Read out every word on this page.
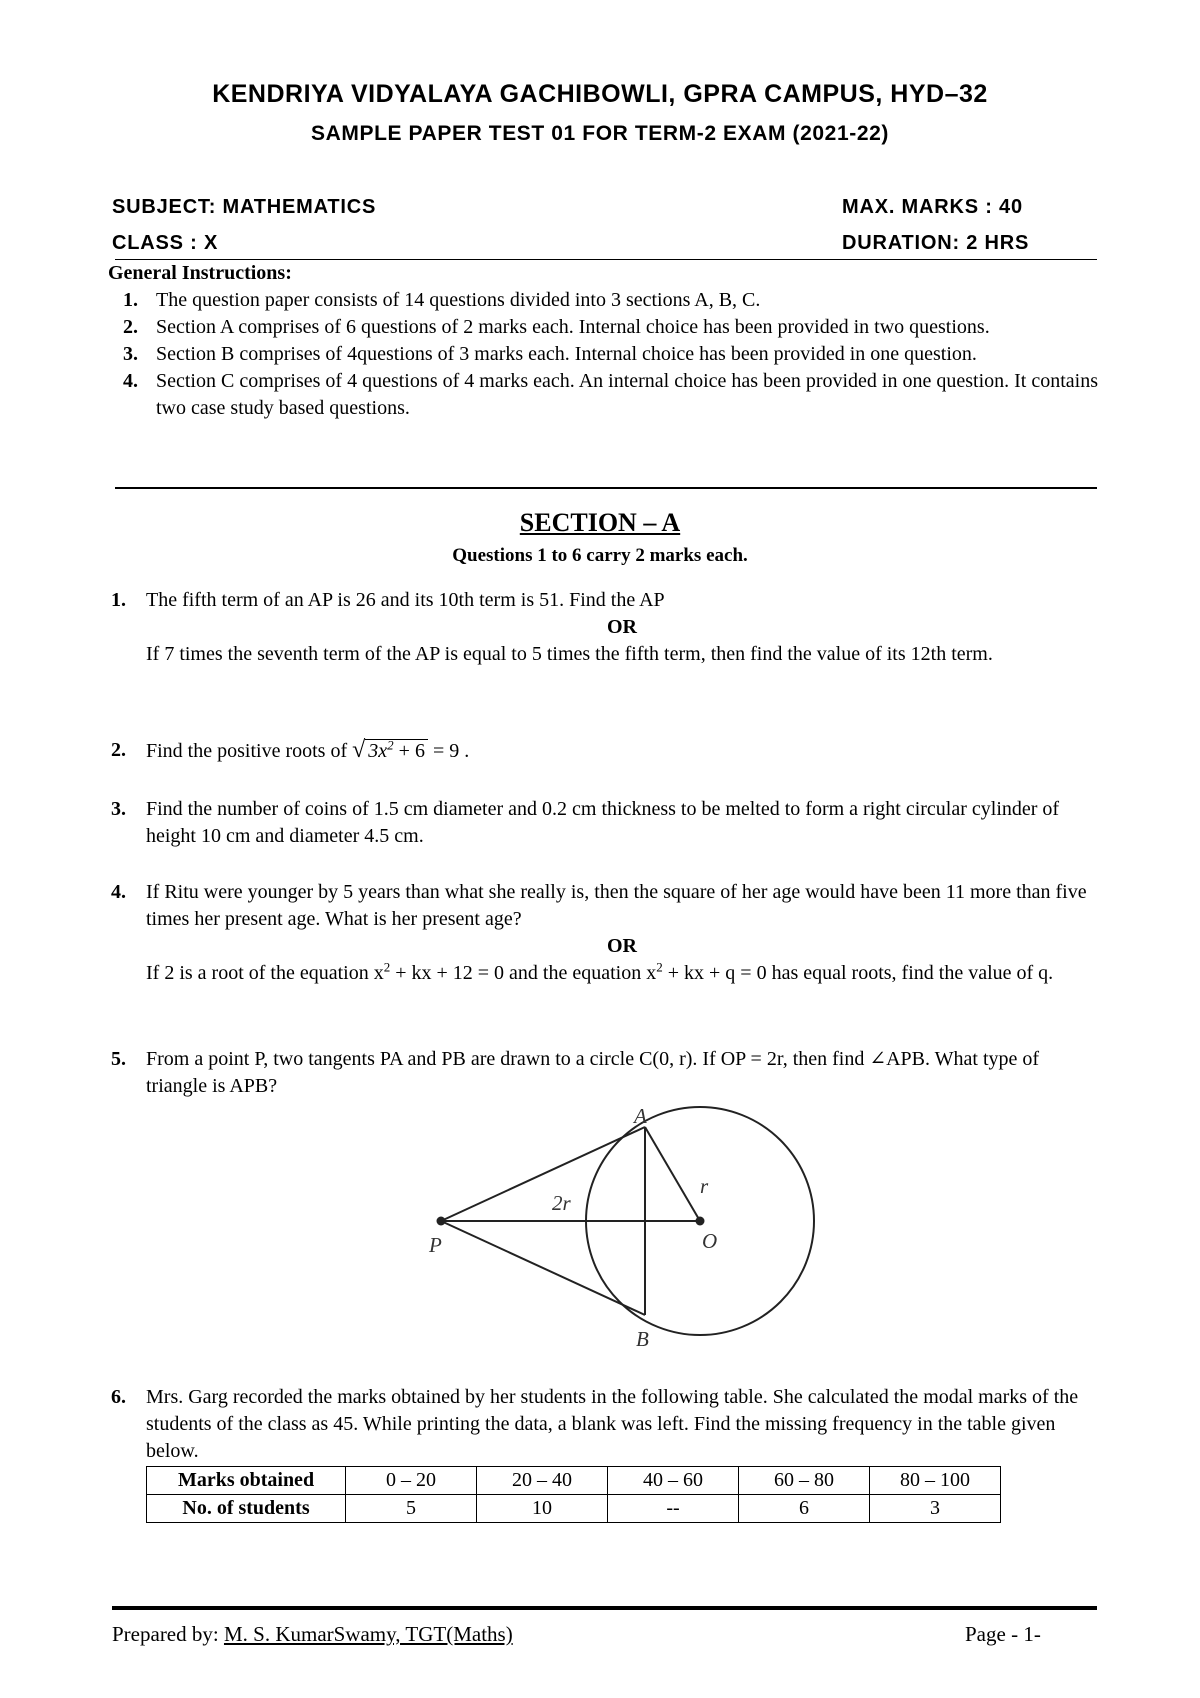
KENDRIYA VIDYALAYA GACHIBOWLI, GPRA CAMPUS, HYD–32
SAMPLE PAPER TEST 01 FOR TERM-2 EXAM (2021-22)
SUBJECT: MATHEMATICS	MAX. MARKS : 40
CLASS : X	DURATION: 2 HRS
General Instructions:
1. The question paper consists of 14 questions divided into 3 sections A, B, C.
2. Section A comprises of 6 questions of 2 marks each. Internal choice has been provided in two questions.
3. Section B comprises of 4questions of 3 marks each. Internal choice has been provided in one question.
4. Section C comprises of 4 questions of 4 marks each. An internal choice has been provided in one question. It contains two case study based questions.
SECTION – A
Questions 1 to 6 carry 2 marks each.
1. The fifth term of an AP is 26 and its 10th term is 51. Find the AP
OR
If 7 times the seventh term of the AP is equal to 5 times the fifth term, then find the value of its 12th term.
2.	Find the positive roots of √ $3x^2 + 6 = 9$ .
3.	Find the number of coins of 1.5 cm diameter and 0.2 cm thickness to be melted to form a right circular cylinder of height 10 cm and diameter 4.5 cm.
4. If Ritu were younger by 5 years than what she really is, then the square of her age would have been 11 more than five times her present age. What is her present age?
OR
If 2 is a root of the equation $x^2$ + kx + 12 = 0 and the equation $x^2$ + kx + q = 0 has equal roots, find the value of q.
5.	From a point P, two tangents PA and PB are drawn to a circle C(0, r). If OP = 2r, then find ∠APB. What type of triangle is APB?
A
B
P	O
r
2r
6.	Mrs. Garg recorded the marks obtained by her students in the following table. She calculated the modal marks of the students of the class as 45. While printing the data, a blank was left. Find the missing frequency in the table given below.
Marks obtained	0 – 20	20 – 40	40 – 60	60 – 80	80 – 100
No. of students	5	10	--	6	3
Prepared by: M. S. KumarSwamy, TGT(Maths)	Page - 1-
